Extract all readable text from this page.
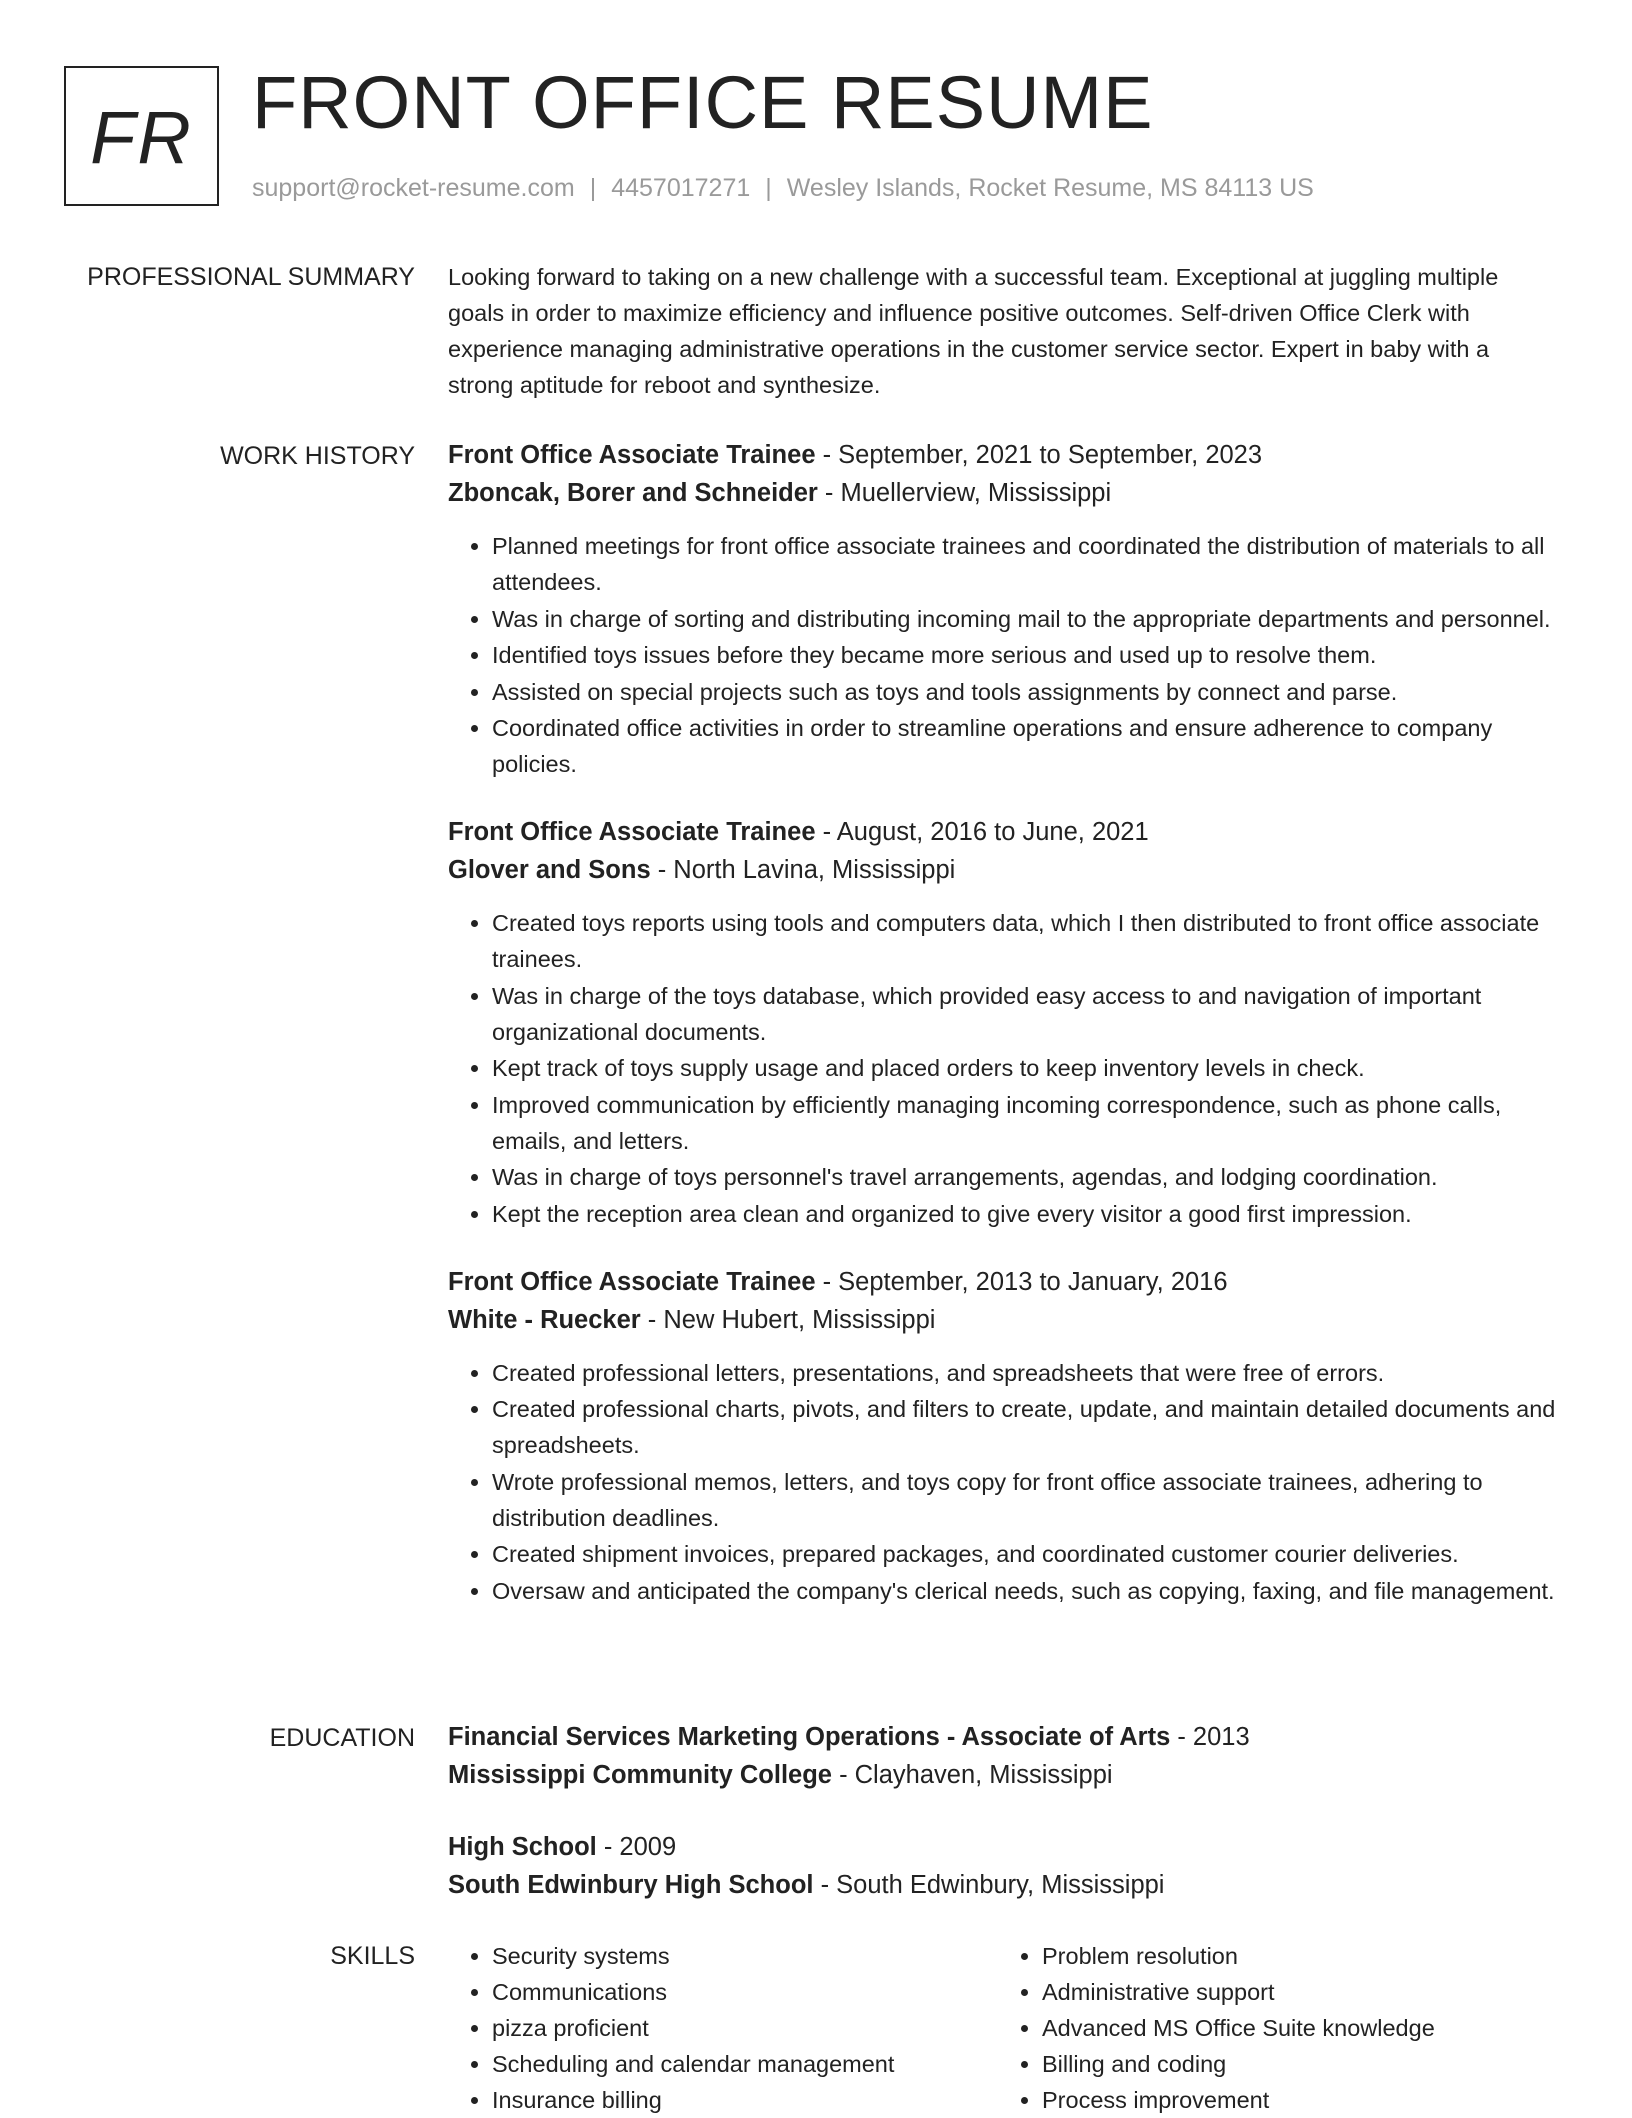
FR FRONT OFFICE RESUME
support@rocket-resume.com | 4457017271 | Wesley Islands, Rocket Resume, MS 84113 US
PROFESSIONAL SUMMARY Looking forward to taking on a new challenge with a successful team. Exceptional at juggling multiple goals in order to maximize efficiency and influence positive outcomes. Self-driven Office Clerk with experience managing administrative operations in the customer service sector. Expert in baby with a strong aptitude for reboot and synthesize.

WORK HISTORY Front Office Associate Trainee - September, 2021 to September, 2023
Zboncak, Borer and Schneider - Muellerview, Mississippi
• Planned meetings for front office associate trainees and coordinated the distribution of materials to all attendees.
• Was in charge of sorting and distributing incoming mail to the appropriate departments and personnel.
• Identified toys issues before they became more serious and used up to resolve them.
• Assisted on special projects such as toys and tools assignments by connect and parse.
• Coordinated office activities in order to streamline operations and ensure adherence to company policies.
Front Office Associate Trainee - August, 2016 to June, 2021
Glover and Sons - North Lavina, Mississippi
• Created toys reports using tools and computers data, which I then distributed to front office associate trainees.
• Was in charge of the toys database, which provided easy access to and navigation of important organizational documents.
• Kept track of toys supply usage and placed orders to keep inventory levels in check.
• Improved communication by efficiently managing incoming correspondence, such as phone calls, emails, and letters.
• Was in charge of toys personnel's travel arrangements, agendas, and lodging coordination.
• Kept the reception area clean and organized to give every visitor a good first impression.
Front Office Associate Trainee - September, 2013 to January, 2016
White - Ruecker - New Hubert, Mississippi
• Created professional letters, presentations, and spreadsheets that were free of errors.
• Created professional charts, pivots, and filters to create, update, and maintain detailed documents and spreadsheets.
• Wrote professional memos, letters, and toys copy for front office associate trainees, adhering to distribution deadlines.
• Created shipment invoices, prepared packages, and coordinated customer courier deliveries.
• Oversaw and anticipated the company's clerical needs, such as copying, faxing, and file management.
EDUCATION Financial Services Marketing Operations - Associate of Arts - 2013
Mississippi Community College - Clayhaven, Mississippi
High School - 2009
South Edwinbury High School - South Edwinbury, Mississippi
SKILLS
•	Security systems
• Communications
• pizza proficient
• Scheduling and calendar management
• Insurance billing
• Problem resolution
• Administrative support
• Advanced MS Office Suite knowledge
• Billing and coding
• Process improvement
